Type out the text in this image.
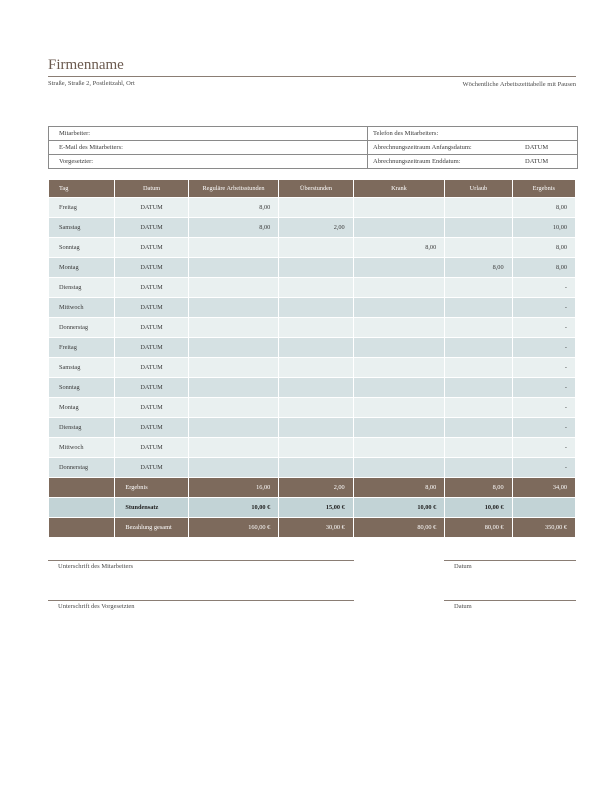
Firmenname
Straße, Straße 2, Postleitzahl, Ort	Wöchentliche Arbeitszeittabelle mit Pausen
Mitarbeiter:	Telefon des Mitarbeiters:
E-Mail des Mitarbeiters:	Abrechnungszeitraum Anfangsdatum:	DATUM
Vorgesetzter:	Abrechnungszeitraum Enddatum:	DATUM
Tag	Datum	Reguläre Arbeitsstunden	Überstunden	Krank	Urlaub	Ergebnis
Freitag	DATUM	8,00				8,00
Samstag	DATUM	8,00	2,00			10,00
Sonntag	DATUM			8,00		8,00
Montag	DATUM				8,00	8,00
Dienstag	DATUM					-
Mittwoch	DATUM					-
Donnerstag	DATUM					-
Freitag	DATUM					-
Samstag	DATUM					-
Sonntag	DATUM					-
Montag	DATUM					-
Dienstag	DATUM					-
Mittwoch	DATUM					-
Donnerstag	DATUM					-
	Ergebnis	16,00	2,00	8,00	8,00	34,00
	Stundensatz	10,00 €	15,00 €	10,00 €	10,00 €	
	Bezahlung gesamt	160,00 €	30,00 €	80,00 €	80,00 €	350,00 €
Unterschrift des Mitarbeiters	Datum
Unterschrift des Vorgesetzten	Datum
